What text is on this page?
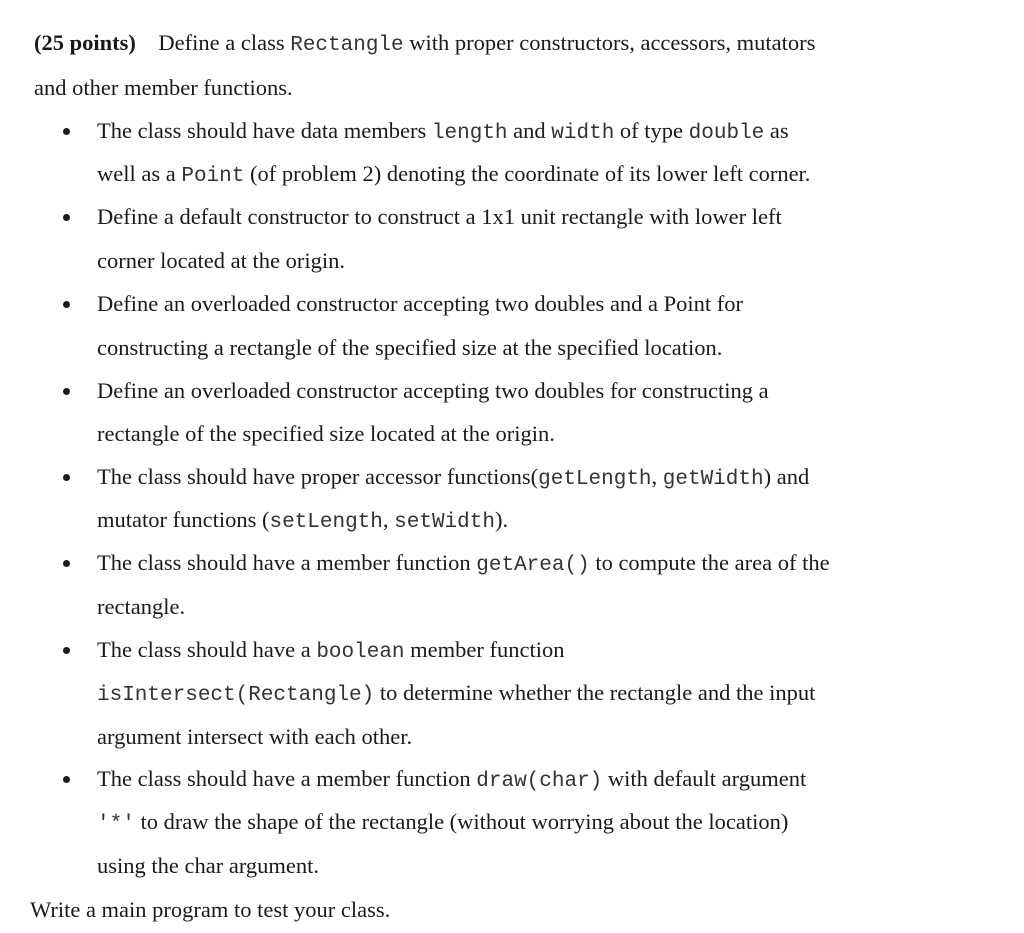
(25 points) Define a class Rectangle with proper constructors, accessors, mutators
and other member functions.
The class should have data members length and width of type double as
well as a Point (of problem 2) denoting the coordinate of its lower left corner.
Define a default constructor to construct a 1x1 unit rectangle with lower left
corner located at the origin.
Define an overloaded constructor accepting two doubles and a Point for
constructing a rectangle of the specified size at the specified location.
Define an overloaded constructor accepting two doubles for constructing a
rectangle of the specified size located at the origin.
The class should have proper accessor functions(getLength, getWidth) and
mutator functions (setLength, setWidth).
The class should have a member function getArea() to compute the area of the
rectangle.
The class should have a boolean member function
isIntersect(Rectangle) to determine whether the rectangle and the input
argument intersect with each other.
The class should have a member function draw(char) with default argument
'*' to draw the shape of the rectangle (without worrying about the location)
using the char argument.
Write a main program to test your class.
